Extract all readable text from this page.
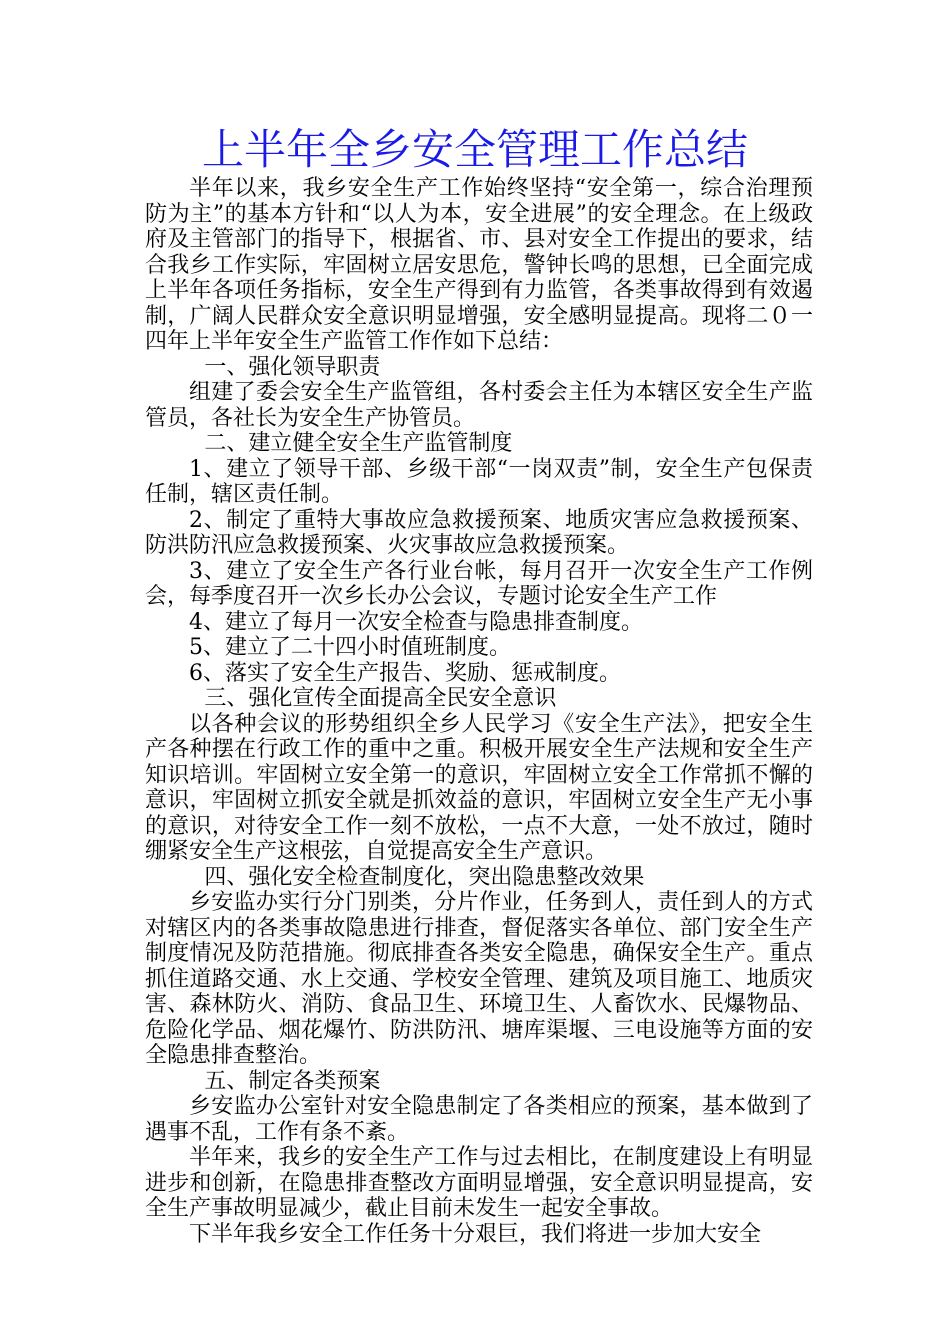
上半年全乡安全管理工作总结

半年以来，我乡安全生产工作始终坚持“安全第一，综合治理预防为主”的基本方针和“以人为本，安全进展”的安全理念。在上级政府及主管部门的指导下，根据省、市、县对安全工作提出的要求，结合我乡工作实际，牢固树立居安思危，警钟长鸣的思想，已全面完成上半年各项任务指标，安全生产得到有力监管，各类事故得到有效遏制，广阔人民群众安全意识明显增强，安全感明显提高。现将二０一四年上半年安全生产监管工作作如下总结：

一、强化领导职责

组建了委会安全生产监管组，各村委会主任为本辖区安全生产监管员，各社长为安全生产协管员。

二、建立健全安全生产监管制度

1、建立了领导干部、乡级干部“一岗双责”制，安全生产包保责任制，辖区责任制。

2、制定了重特大事故应急救援预案、地质灾害应急救援预案、防洪防汛应急救援预案、火灾事故应急救援预案。

3、建立了安全生产各行业台帐，每月召开一次安全生产工作例会，每季度召开一次乡长办公会议，专题讨论安全生产工作

4、建立了每月一次安全检查与隐患排查制度。

5、建立了二十四小时值班制度。

6、落实了安全生产报告、奖励、惩戒制度。

三、强化宣传全面提高全民安全意识

以各种会议的形势组织全乡人民学习《安全生产法》，把安全生产各种摆在行政工作的重中之重。积极开展安全生产法规和安全生产知识培训。牢固树立安全第一的意识，牢固树立安全工作常抓不懈的意识，牢固树立抓安全就是抓效益的意识，牢固树立安全生产无小事的意识，对待安全工作一刻不放松，一点不大意，一处不放过，随时绷紧安全生产这根弦，自觉提高安全生产意识。

四、强化安全检查制度化，突出隐患整改效果

乡安监办实行分门别类，分片作业，任务到人，责任到人的方式对辖区内的各类事故隐患进行排查，督促落实各单位、部门安全生产制度情况及防范措施。彻底排查各类安全隐患，确保安全生产。重点抓住道路交通、水上交通、学校安全管理、建筑及项目施工、地质灾害、森林防火、消防、食品卫生、环境卫生、人畜饮水、民爆物品、危险化学品、烟花爆竹、防洪防汛、塘库渠堰、三电设施等方面的安全隐患排查整治。

五、制定各类预案

乡安监办公室针对安全隐患制定了各类相应的预案，基本做到了遇事不乱，工作有条不紊。

半年来，我乡的安全生产工作与过去相比，在制度建设上有明显进步和创新，在隐患排查整改方面明显增强，安全意识明显提高，安全生产事故明显减少，截止目前未发生一起安全事故。

下半年我乡安全工作任务十分艰巨，我们将进一步加大安全
